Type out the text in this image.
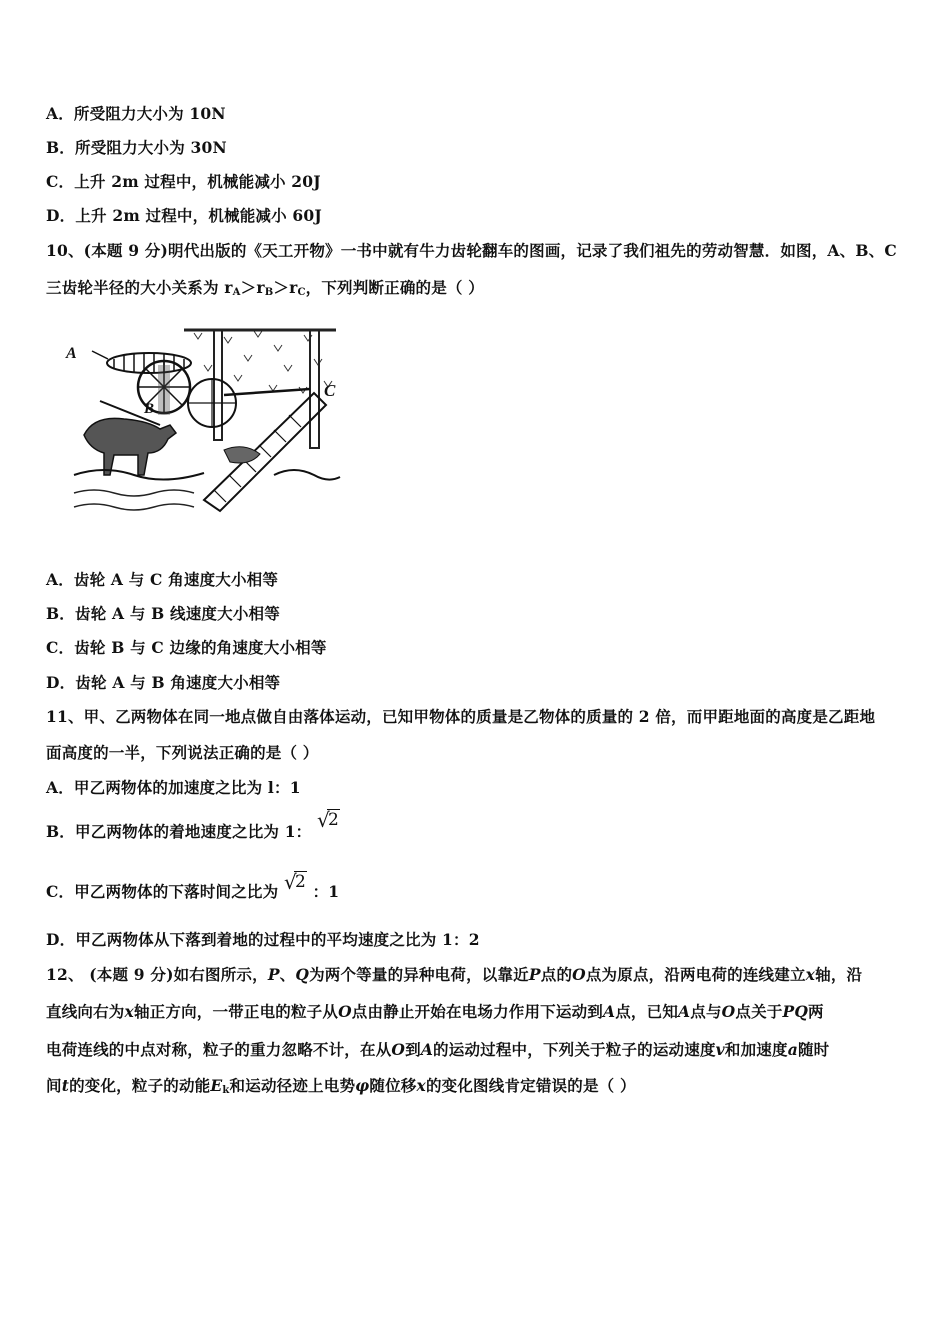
A．所受阻力大小为 10N
B．所受阻力大小为 30N
C．上升 2m 过程中，机械能减小 20J
D．上升 2m 过程中，机械能减小 60J
10、(本题 9 分)明代出版的《天工开物》一书中就有牛力齿轮翻车的图画，记录了我们祖先的劳动智慧．如图，A、B、C
三齿轮半径的大小关系为 $r_A>r_B>r_C$，下列判断正确的是（ ）
A
B
C
A．齿轮 A 与 C 角速度大小相等
B．齿轮 A 与 B 线速度大小相等
C．齿轮 B 与 C 边缘的角速度大小相等
D．齿轮 A 与 B 角速度大小相等
11、甲、乙两物体在同一地点做自由落体运动，已知甲物体的质量是乙物体的质量的 2 倍，而甲距地面的高度是乙距地
面高度的一半，下列说法正确的是（ ）
A．甲乙两物体的加速度之比为 l：1
B．甲乙两物体的着地速度之比为 1： √
2
C．甲乙两物体的下落时间之比为 √
2 ：1
D．甲乙两物体从下落到着地的过程中的平均速度之比为 1：2
12、 (本题 9 分)如右图所示，P、Q为两个等量的异种电荷，以靠近P点的O点为原点，沿两电荷的连线建立x轴，沿
直线向右为x轴正方向，一带正电的粒子从O点由静止开始在电场力作用下运动到A点，已知A点与O点关于PQ两
电荷连线的中点对称，粒子的重力忽略不计，在从O到A的运动过程中，下列关于粒子的运动速度v和加速度a随时
间t的变化，粒子的动能$E_k$和运动径迹上电势φ随位移x的变化图线肯定错误的是（ ）
